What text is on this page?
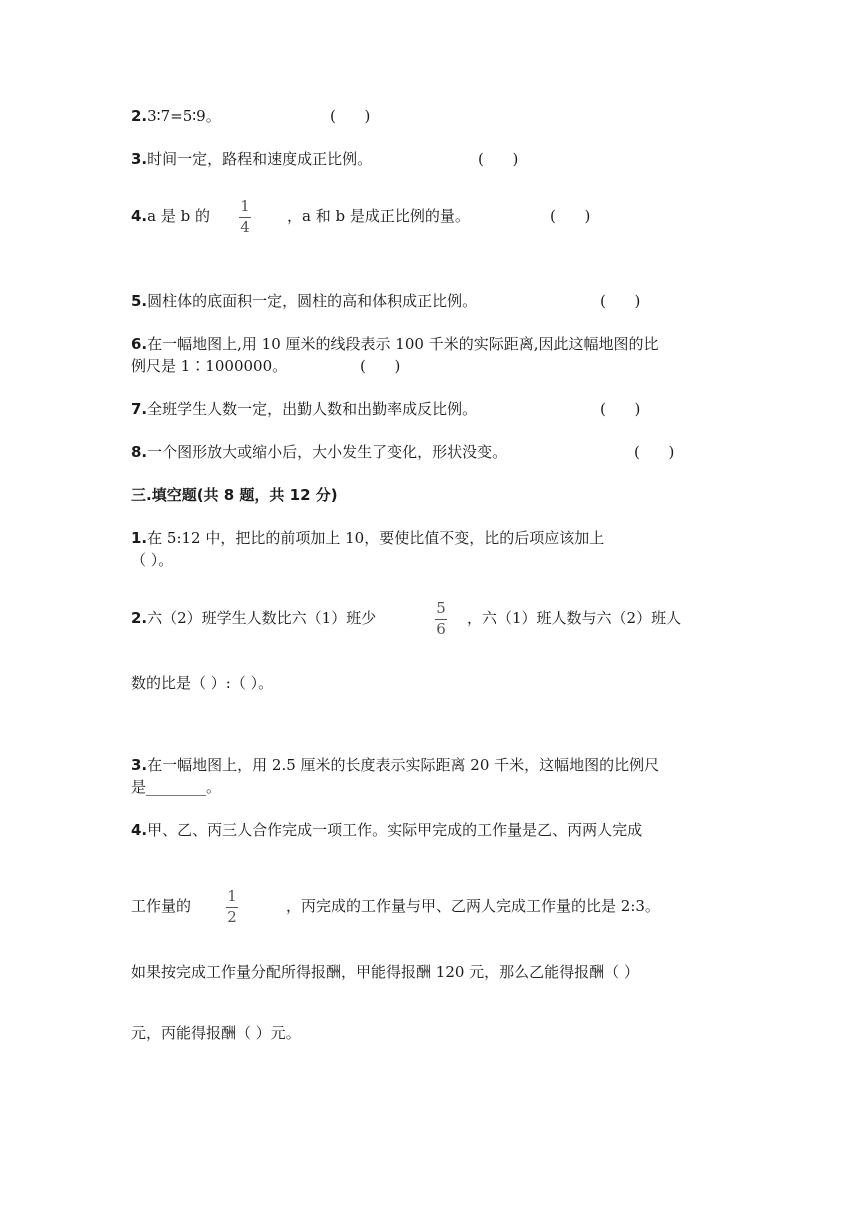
2.3∶7=5∶9。	(      )
3.时间一定，路程和速度成正比例。	(      )
4.a 是 b 的
1
4
，a 和 b 是成正比例的量。	(      )
5.圆柱体的底面积一定，圆柱的高和体积成正比例。	(      )
6.在一幅地图上,用 10 厘米的线段表示 100 千米的实际距离,因此这幅地图的比
例尺是 1∶1000000。	(      )
7.全班学生人数一定，出勤人数和出勤率成反比例。	(      )
8.一个图形放大或缩小后，大小发生了变化，形状没变。	(      )
三.填空题(共 8 题，共 12 分)
1.在 5:12 中，把比的前项加上 10，要使比值不变，比的后项应该加上
（ ）。
2.六（2）班学生人数比六（1）班少
5
6
，六（1）班人数与六（2）班人
数的比是（ ）:（ ）。
3.在一幅地图上，用 2.5 厘米的长度表示实际距离 20 千米，这幅地图的比例尺
是________。
4.甲、乙、丙三人合作完成一项工作。实际甲完成的工作量是乙、丙两人完成
工作量的
1
2
，丙完成的工作量与甲、乙两人完成工作量的比是 2:3。
如果按完成工作量分配所得报酬，甲能得报酬 120 元，那么乙能得报酬（ ）
元，丙能得报酬（ ）元。
